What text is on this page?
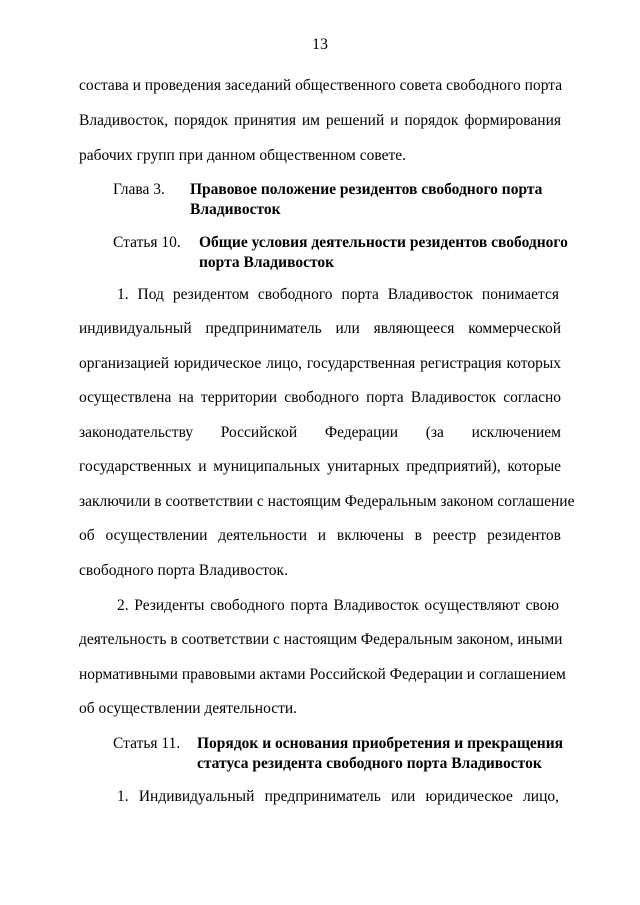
13
состава и проведения заседаний общественного совета свободного порта
Владивосток, порядок принятия им решений и порядок формирования
рабочих групп при данном общественном совете.
Глава 3. Правовое положение резидентов свободного порта
Владивосток
Статья 10. Общие условия деятельности резидентов свободного
порта Владивосток
1. Под резидентом свободного порта Владивосток понимается
индивидуальный предприниматель или являющееся коммерческой
организацией юридическое лицо, государственная регистрация которых
осуществлена на территории свободного порта Владивосток согласно
законодательству Российской Федерации (за исключением
государственных и муниципальных унитарных предприятий), которые
заключили в соответствии с настоящим Федеральным законом соглашение
об осуществлении деятельности и включены в реестр резидентов
свободного порта Владивосток.
2. Резиденты свободного порта Владивосток осуществляют свою
деятельность в соответствии с настоящим Федеральным законом, иными
нормативными правовыми актами Российской Федерации и соглашением
об осуществлении деятельности.
Статья 11. Порядок и основания приобретения и прекращения
статуса резидента свободного порта Владивосток
1. Индивидуальный предприниматель или юридическое лицо,
